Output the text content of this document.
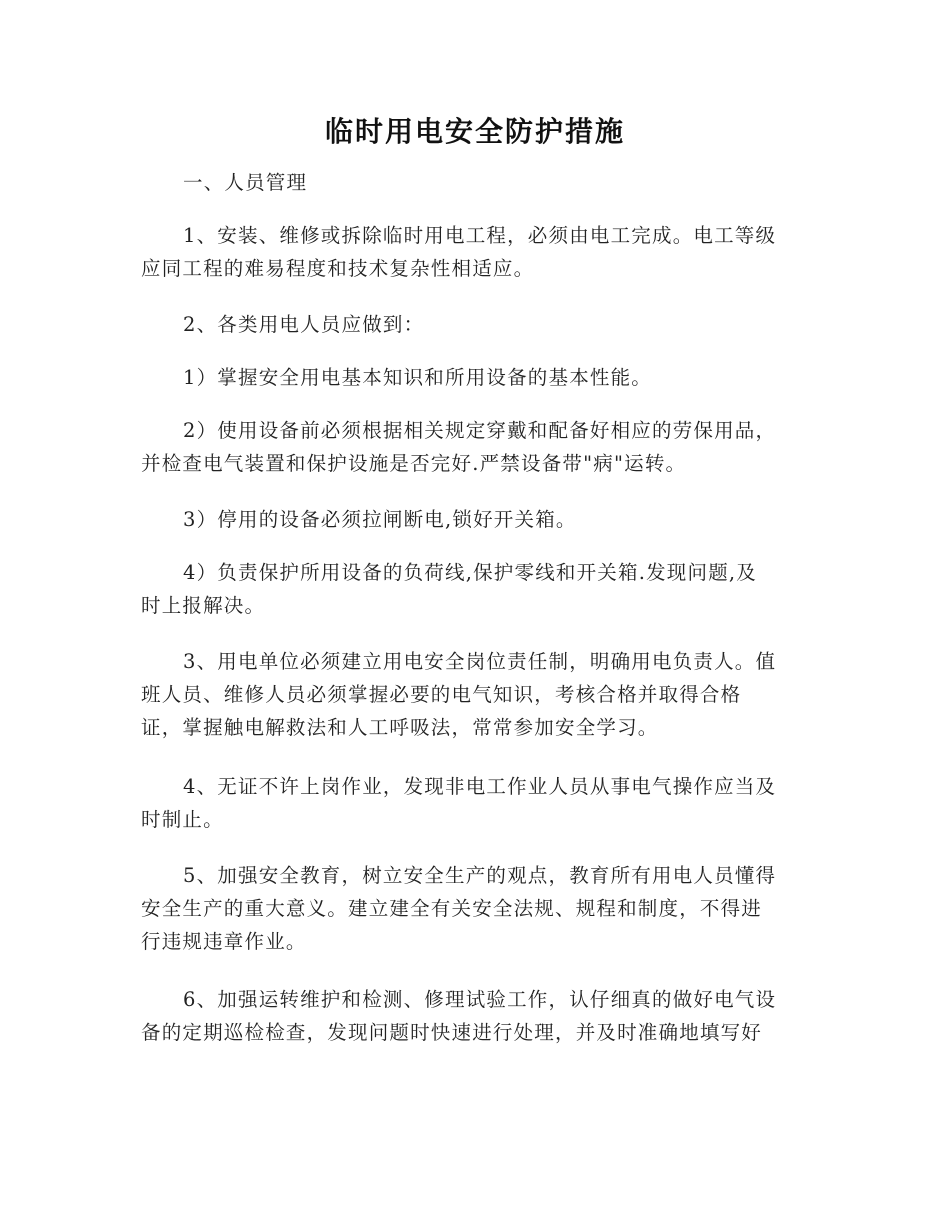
临时用电安全防护措施
一、人员管理
1、安装、维修或拆除临时用电工程，必须由电工完成。电工等级
应同工程的难易程度和技术复杂性相适应。
2、各类用电人员应做到：
1）掌握安全用电基本知识和所用设备的基本性能。
2）使用设备前必须根据相关规定穿戴和配备好相应的劳保用品，
并检查电气装置和保护设施是否完好.严禁设备带"病"运转。
3）停用的设备必须拉闸断电,锁好开关箱。
4）负责保护所用设备的负荷线,保护零线和开关箱.发现问题,及
时上报解决。
3、用电单位必须建立用电安全岗位责任制，明确用电负责人。值
班人员、维修人员必须掌握必要的电气知识，考核合格并取得合格
证，掌握触电解救法和人工呼吸法，常常参加安全学习。
4、无证不许上岗作业，发现非电工作业人员从事电气操作应当及
时制止。
5、加强安全教育，树立安全生产的观点，教育所有用电人员懂得
安全生产的重大意义。建立建全有关安全法规、规程和制度，不得进
行违规违章作业。
6、加强运转维护和检测、修理试验工作，认仔细真的做好电气设
备的定期巡检检查，发现问题时快速进行处理，并及时准确地填写好
